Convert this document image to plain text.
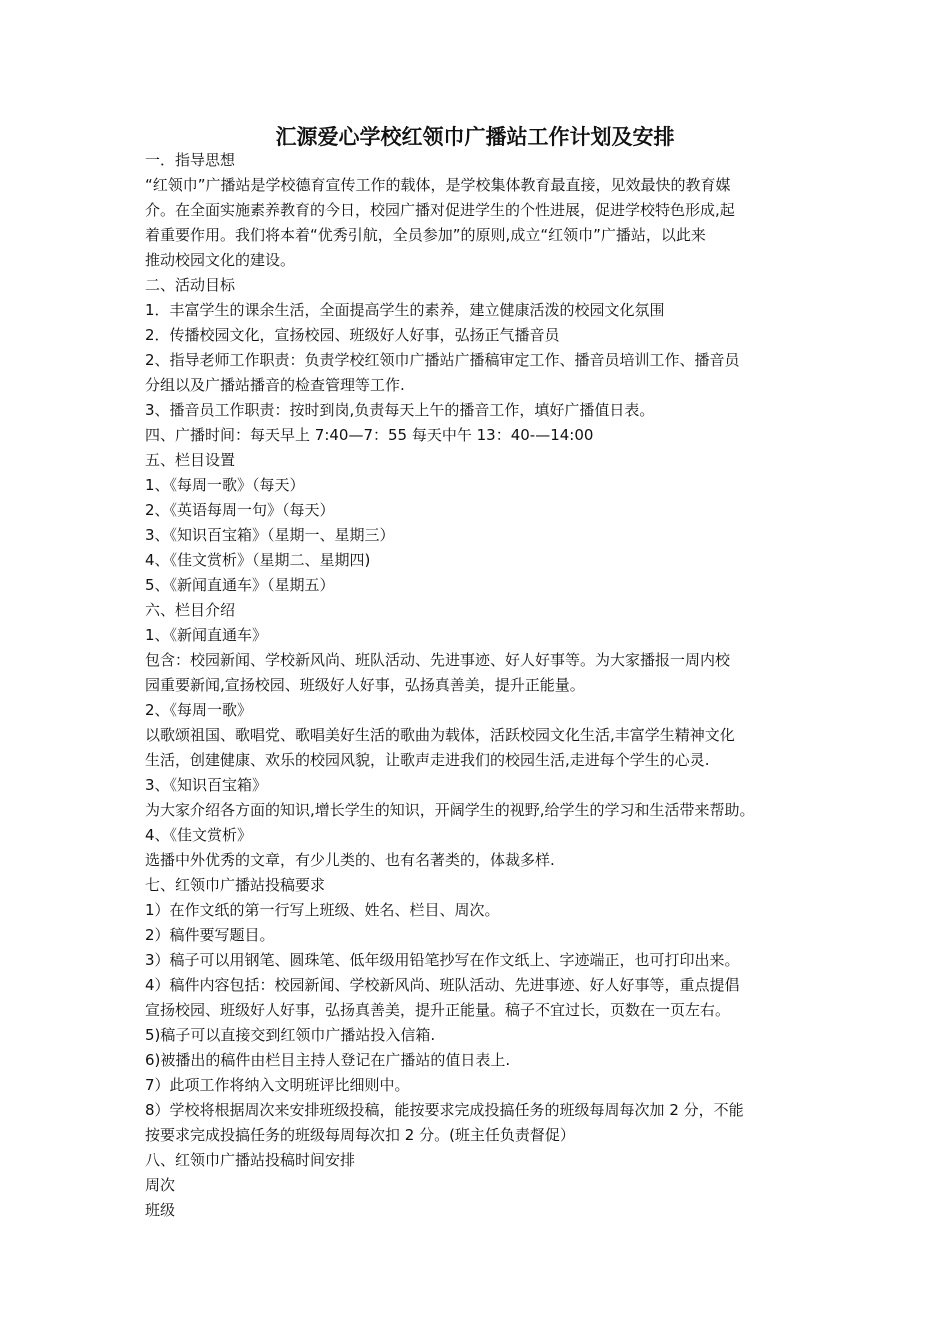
汇源爱心学校红领巾广播站工作计划及安排

一．指导思想

“红领巾”广播站是学校德育宣传工作的载体，是学校集体教育最直接，见效最快的教育媒

介。在全面实施素养教育的今日，校园广播对促进学生的个性进展，促进学校特色形成,起

着重要作用。我们将本着“优秀引航，全员参加”的原则,成立“红领巾”广播站，以此来

推动校园文化的建设。

二、活动目标

1．丰富学生的课余生活，全面提高学生的素养，建立健康活泼的校园文化氛围

2．传播校园文化，宣扬校园、班级好人好事，弘扬正气播音员

2、指导老师工作职责：负责学校红领巾广播站广播稿审定工作、播音员培训工作、播音员

分组以及广播站播音的检查管理等工作.

3、播音员工作职责：按时到岗,负责每天上午的播音工作，填好广播值日表。

四、广播时间：每天早上 7:40—7：55 每天中午 13：40-—14:00

五、栏目设置

1、《每周一歌》（每天）

2、《英语每周一句》（每天）

3、《知识百宝箱》（星期一、星期三）

4、《佳文赏析》（星期二、星期四)

5、《新闻直通车》（星期五）

六、栏目介绍

1、《新闻直通车》

包含：校园新闻、学校新风尚、班队活动、先进事迹、好人好事等。为大家播报一周内校

园重要新闻,宣扬校园、班级好人好事，弘扬真善美，提升正能量。

2、《每周一歌》

以歌颂祖国、歌唱党、歌唱美好生活的歌曲为载体，活跃校园文化生活,丰富学生精神文化

生活，创建健康、欢乐的校园风貌，让歌声走进我们的校园生活,走进每个学生的心灵.

3、《知识百宝箱》

为大家介绍各方面的知识,增长学生的知识，开阔学生的视野,给学生的学习和生活带来帮助。

4、《佳文赏析》

选播中外优秀的文章，有少儿类的、也有名著类的，体裁多样.

七、红领巾广播站投稿要求

1）在作文纸的第一行写上班级、姓名、栏目、周次。

2）稿件要写题目。

3）稿子可以用钢笔、圆珠笔、低年级用铅笔抄写在作文纸上、字迹端正，也可打印出来。

4）稿件内容包括：校园新闻、学校新风尚、班队活动、先进事迹、好人好事等，重点提倡

宣扬校园、班级好人好事，弘扬真善美，提升正能量。稿子不宜过长，页数在一页左右。

5)稿子可以直接交到红领巾广播站投入信箱.

6)被播出的稿件由栏目主持人登记在广播站的值日表上.

7）此项工作将纳入文明班评比细则中。

8）学校将根据周次来安排班级投稿，能按要求完成投搞任务的班级每周每次加 2 分，不能

按要求完成投搞任务的班级每周每次扣 2 分。(班主任负责督促）

八、红领巾广播站投稿时间安排

周次

班级
